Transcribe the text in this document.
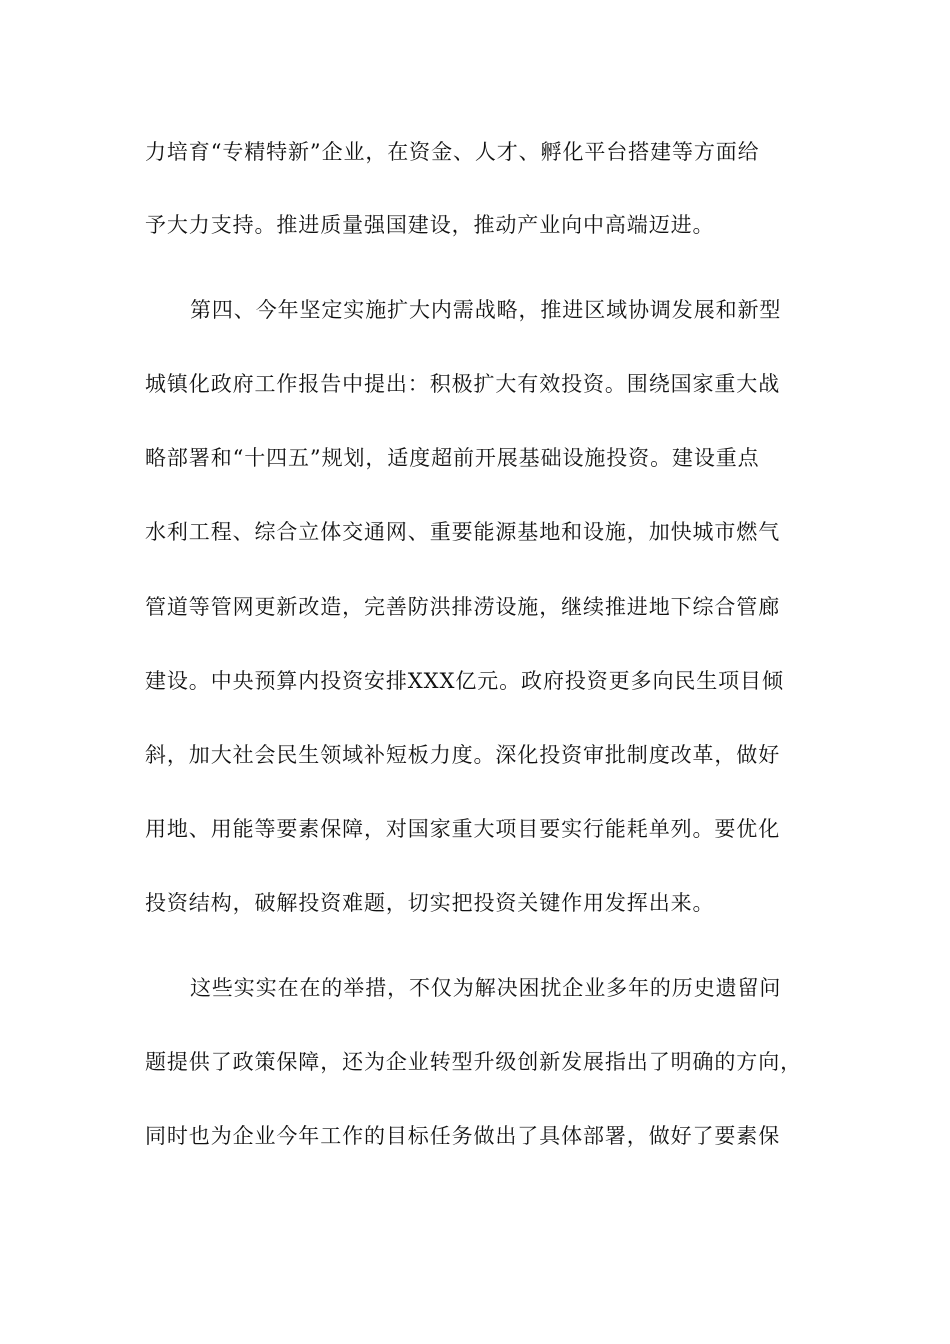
力培育“专精特新”企业，在资金、人才、孵化平台搭建等方面给
予大力支持。推进质量强国建设，推动产业向中高端迈进。
第四、今年坚定实施扩大内需战略，推进区域协调发展和新型
城镇化政府工作报告中提出：积极扩大有效投资。围绕国家重大战
略部署和“十四五”规划，适度超前开展基础设施投资。建设重点
水利工程、综合立体交通网、重要能源基地和设施，加快城市燃气
管道等管网更新改造，完善防洪排涝设施，继续推进地下综合管廊
建设。中央预算内投资安排XXX亿元。政府投资更多向民生项目倾
斜，加大社会民生领域补短板力度。深化投资审批制度改革，做好
用地、用能等要素保障，对国家重大项目要实行能耗单列。要优化
投资结构，破解投资难题，切实把投资关键作用发挥出来。
这些实实在在的举措，不仅为解决困扰企业多年的历史遗留问
题提供了政策保障，还为企业转型升级创新发展指出了明确的方向，
同时也为企业今年工作的目标任务做出了具体部署，做好了要素保
